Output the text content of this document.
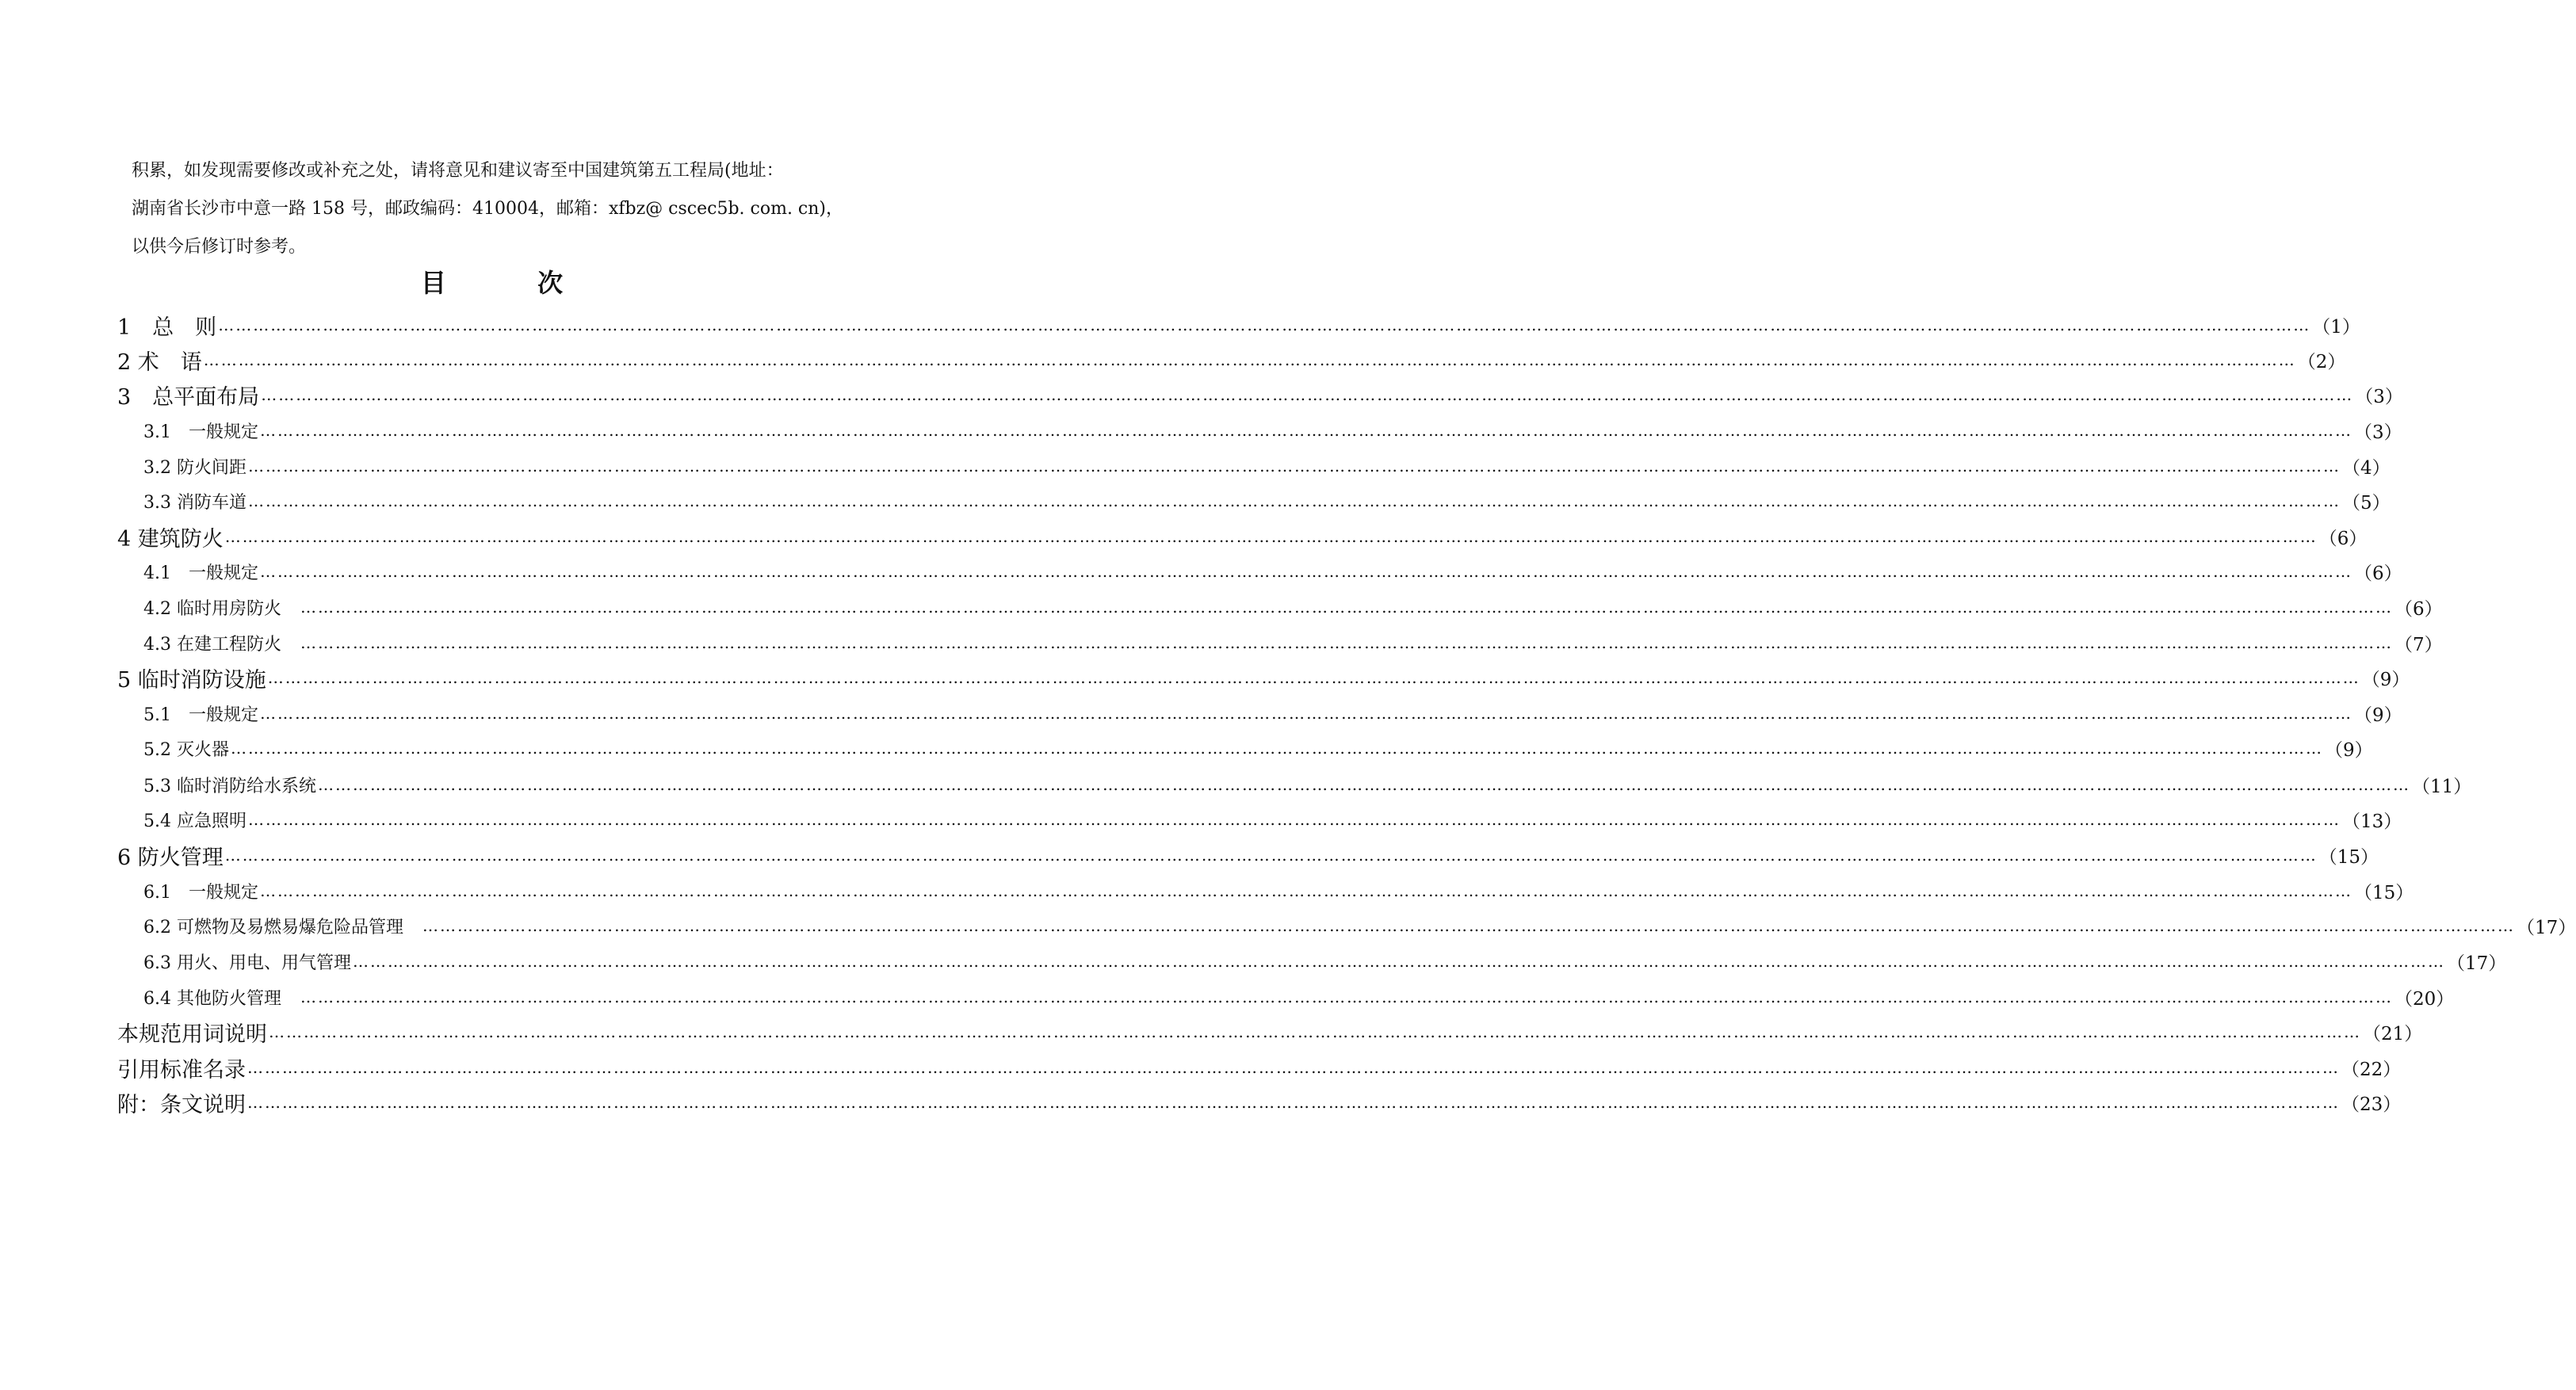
积累，如发现需要修改或补充之处，请将意见和建议寄至中国建筑第五工程局(地址：
湖南省长沙市中意一路 158 号，邮政编码：410004，邮箱：xfbz@ cscec5b. com. cn)，
以供今后修订时参考。
目 次
1　总　则 ……………………………………………………………………………………………………………………………………………………………………………………………………………………………………………………………………………………………………………………………… （1）
2 术　语 ……………………………………………………………………………………………………………………………………………………………………………………………………………………………………………………………………………………………………………………………… （2）
3　总平面布局 ……………………………………………………………………………………………………………………………………………………………………………………………………………………………………………………………………………………………………………………………… （3）
3.1　一般规定 ……………………………………………………………………………………………………………………………………………………………………………………………………………………………………………………………………………………………………………………………… （3）
3.2 防火间距 ……………………………………………………………………………………………………………………………………………………………………………………………………………………………………………………………………………………………………………………………… （4）
3.3 消防车道 ……………………………………………………………………………………………………………………………………………………………………………………………………………………………………………………………………………………………………………………………… （5）
4 建筑防火 ……………………………………………………………………………………………………………………………………………………………………………………………………………………………………………………………………………………………………………………………… （6）
4.1　一般规定 ……………………………………………………………………………………………………………………………………………………………………………………………………………………………………………………………………………………………………………………………… （6）
4.2 临时用房防火　 ……………………………………………………………………………………………………………………………………………………………………………………………………………………………………………………………………………………………………………………………… （6）
4.3 在建工程防火　 ……………………………………………………………………………………………………………………………………………………………………………………………………………………………………………………………………………………………………………………………… （7）
5 临时消防设施 ……………………………………………………………………………………………………………………………………………………………………………………………………………………………………………………………………………………………………………………………… （9）
5.1　一般规定 ……………………………………………………………………………………………………………………………………………………………………………………………………………………………………………………………………………………………………………………………… （9）
5.2 灭火器 ……………………………………………………………………………………………………………………………………………………………………………………………………………………………………………………………………………………………………………………………… （9）
5.3 临时消防给水系统 ……………………………………………………………………………………………………………………………………………………………………………………………………………………………………………………………………………………………………………………………… （11）
5.4 应急照明 ……………………………………………………………………………………………………………………………………………………………………………………………………………………………………………………………………………………………………………………………… （13）
6 防火管理 ……………………………………………………………………………………………………………………………………………………………………………………………………………………………………………………………………………………………………………………………… （15）
6.1　一般规定 ……………………………………………………………………………………………………………………………………………………………………………………………………………………………………………………………………………………………………………………………… （15）
6.2 可燃物及易燃易爆危险品管理　 ……………………………………………………………………………………………………………………………………………………………………………………………………………………………………………………………………………………………………………………………… （17）
6.3 用火、用电、用气管理 ……………………………………………………………………………………………………………………………………………………………………………………………………………………………………………………………………………………………………………………………… （17）
6.4 其他防火管理　 ……………………………………………………………………………………………………………………………………………………………………………………………………………………………………………………………………………………………………………………………… （20）
本规范用词说明 ……………………………………………………………………………………………………………………………………………………………………………………………………………………………………………………………………………………………………………………………… （21）
引用标准名录 ……………………………………………………………………………………………………………………………………………………………………………………………………………………………………………………………………………………………………………………………… （22）
附：条文说明 ……………………………………………………………………………………………………………………………………………………………………………………………………………………………………………………………………………………………………………………………… （23）
